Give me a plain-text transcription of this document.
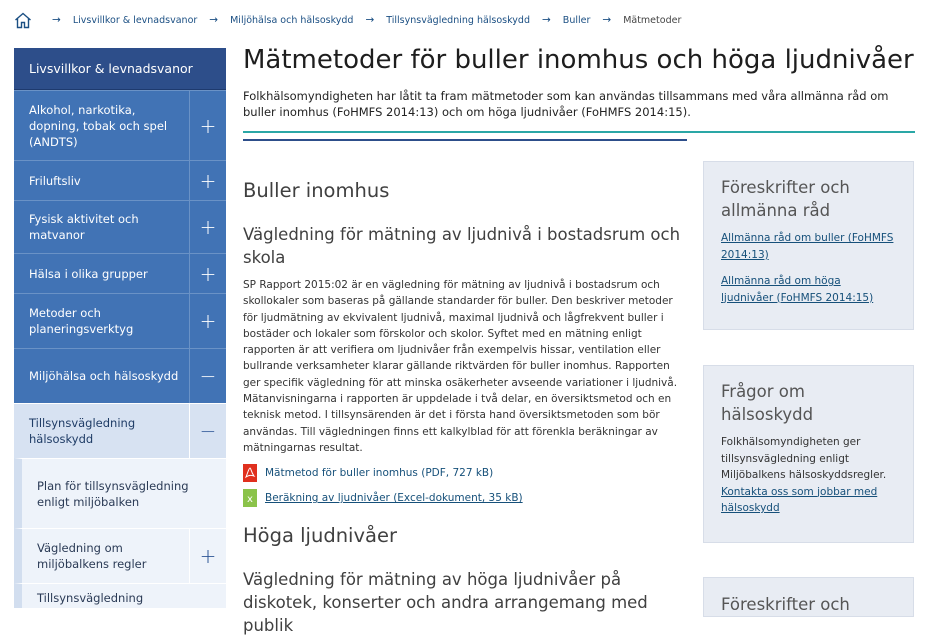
→ Livsvillkor & levnadsvanor → Miljöhälsa och hälsoskydd → Tillsynsvägledning hälsoskydd → Buller → Mätmetoder
Livsvillkor & levnadsvanor
Alkohol, narkotika, dopning, tobak och spel (ANDTS)
+
Friluftsliv	+
Fysisk aktivitet och matvanor	+
Hälsa i olika grupper	+
Metoder och planeringsverktyg	+
Miljöhälsa och hälsoskydd	−
Tillsynsvägledning hälsoskydd	−
Plan för tillsynsvägledning enligt miljöbalken
Vägledning om miljöbalkens regler	+
Tillsynsvägledning
Mätmetoder för buller inomhus och höga ljudnivåer
Folkhälsomyndigheten har låtit ta fram mätmetoder som kan användas tillsammans med våra allmänna råd om buller inomhus (FoHMFS 2014:13) och om höga ljudnivåer (FoHMFS 2014:15).
Buller inomhus
Vägledning för mätning av ljudnivå i bostadsrum och skola
SP Rapport 2015:02 är en vägledning för mätning av ljudnivå i bostadsrum och skollokaler som baseras på gällande standarder för buller. Den beskriver metoder för ljudmätning av ekvivalent ljudnivå, maximal ljudnivå och lågfrekvent buller i bostäder och lokaler som förskolor och skolor. Syftet med en mätning enligt rapporten är att verifiera om ljudnivåer från exempelvis hissar, ventilation eller bullrande verksamheter klarar gällande riktvärden för buller inomhus. Rapporten ger specifik vägledning för att minska osäkerheter avseende variationer i ljudnivå. Mätanvisningarna i rapporten är uppdelade i två delar, en översiktsmetod och en teknisk metod. I tillsynsärenden är det i första hand översiktsmetoden som bör användas. Till vägledningen finns ett kalkylblad för att förenkla beräkningar av mätningarnas resultat.
Mätmetod för buller inomhus (PDF, 727 kB)
x Beräkning av ljudnivåer (Excel-dokument, 35 kB)
Höga ljudnivåer
Vägledning för mätning av höga ljudnivåer på diskotek, konserter och andra arrangemang med publik
Föreskrifter och allmänna råd
Allmänna råd om buller (FoHMFS 2014:13)
Allmänna råd om höga ljudnivåer (FoHMFS 2014:15)
Frågor om hälsoskydd
Folkhälsomyndigheten ger tillsynsvägledning enligt Miljöbalkens hälsoskyddsregler.
Kontakta oss som jobbar med hälsoskydd
Föreskrifter och
